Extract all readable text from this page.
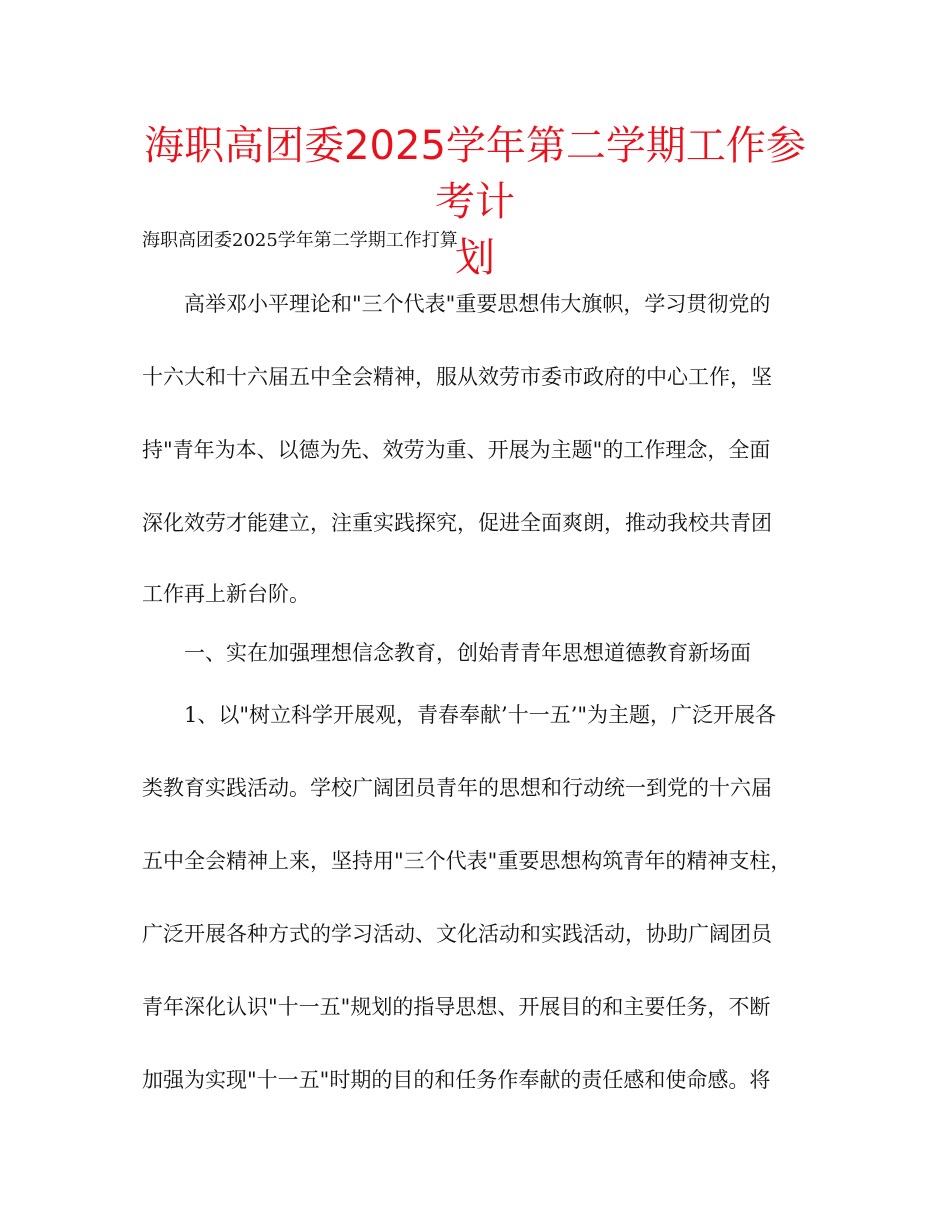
海职高团委2025学年第二学期工作参考计
划

海职高团委2025学年第二学期工作打算

高举邓小平理论和"三个代表"重要思想伟大旗帜，学习贯彻党的

十六大和十六届五中全会精神，服从效劳市委市政府的中心工作，坚

持"青年为本、以德为先、效劳为重、开展为主题"的工作理念，全面

深化效劳才能建立，注重实践探究，促进全面爽朗，推动我校共青团

工作再上新台阶。

一、实在加强理想信念教育，创始青青年思想道德教育新场面

1、以"树立科学开展观，青春奉献’十一五’"为主题，广泛开展各

类教育实践活动。学校广阔团员青年的思想和行动统一到党的十六届

五中全会精神上来，坚持用"三个代表"重要思想构筑青年的精神支柱，

广泛开展各种方式的学习活动、文化活动和实践活动，协助广阔团员

青年深化认识"十一五"规划的指导思想、开展目的和主要任务，不断

加强为实现"十一五"时期的目的和任务作奉献的责任感和使命感。将
